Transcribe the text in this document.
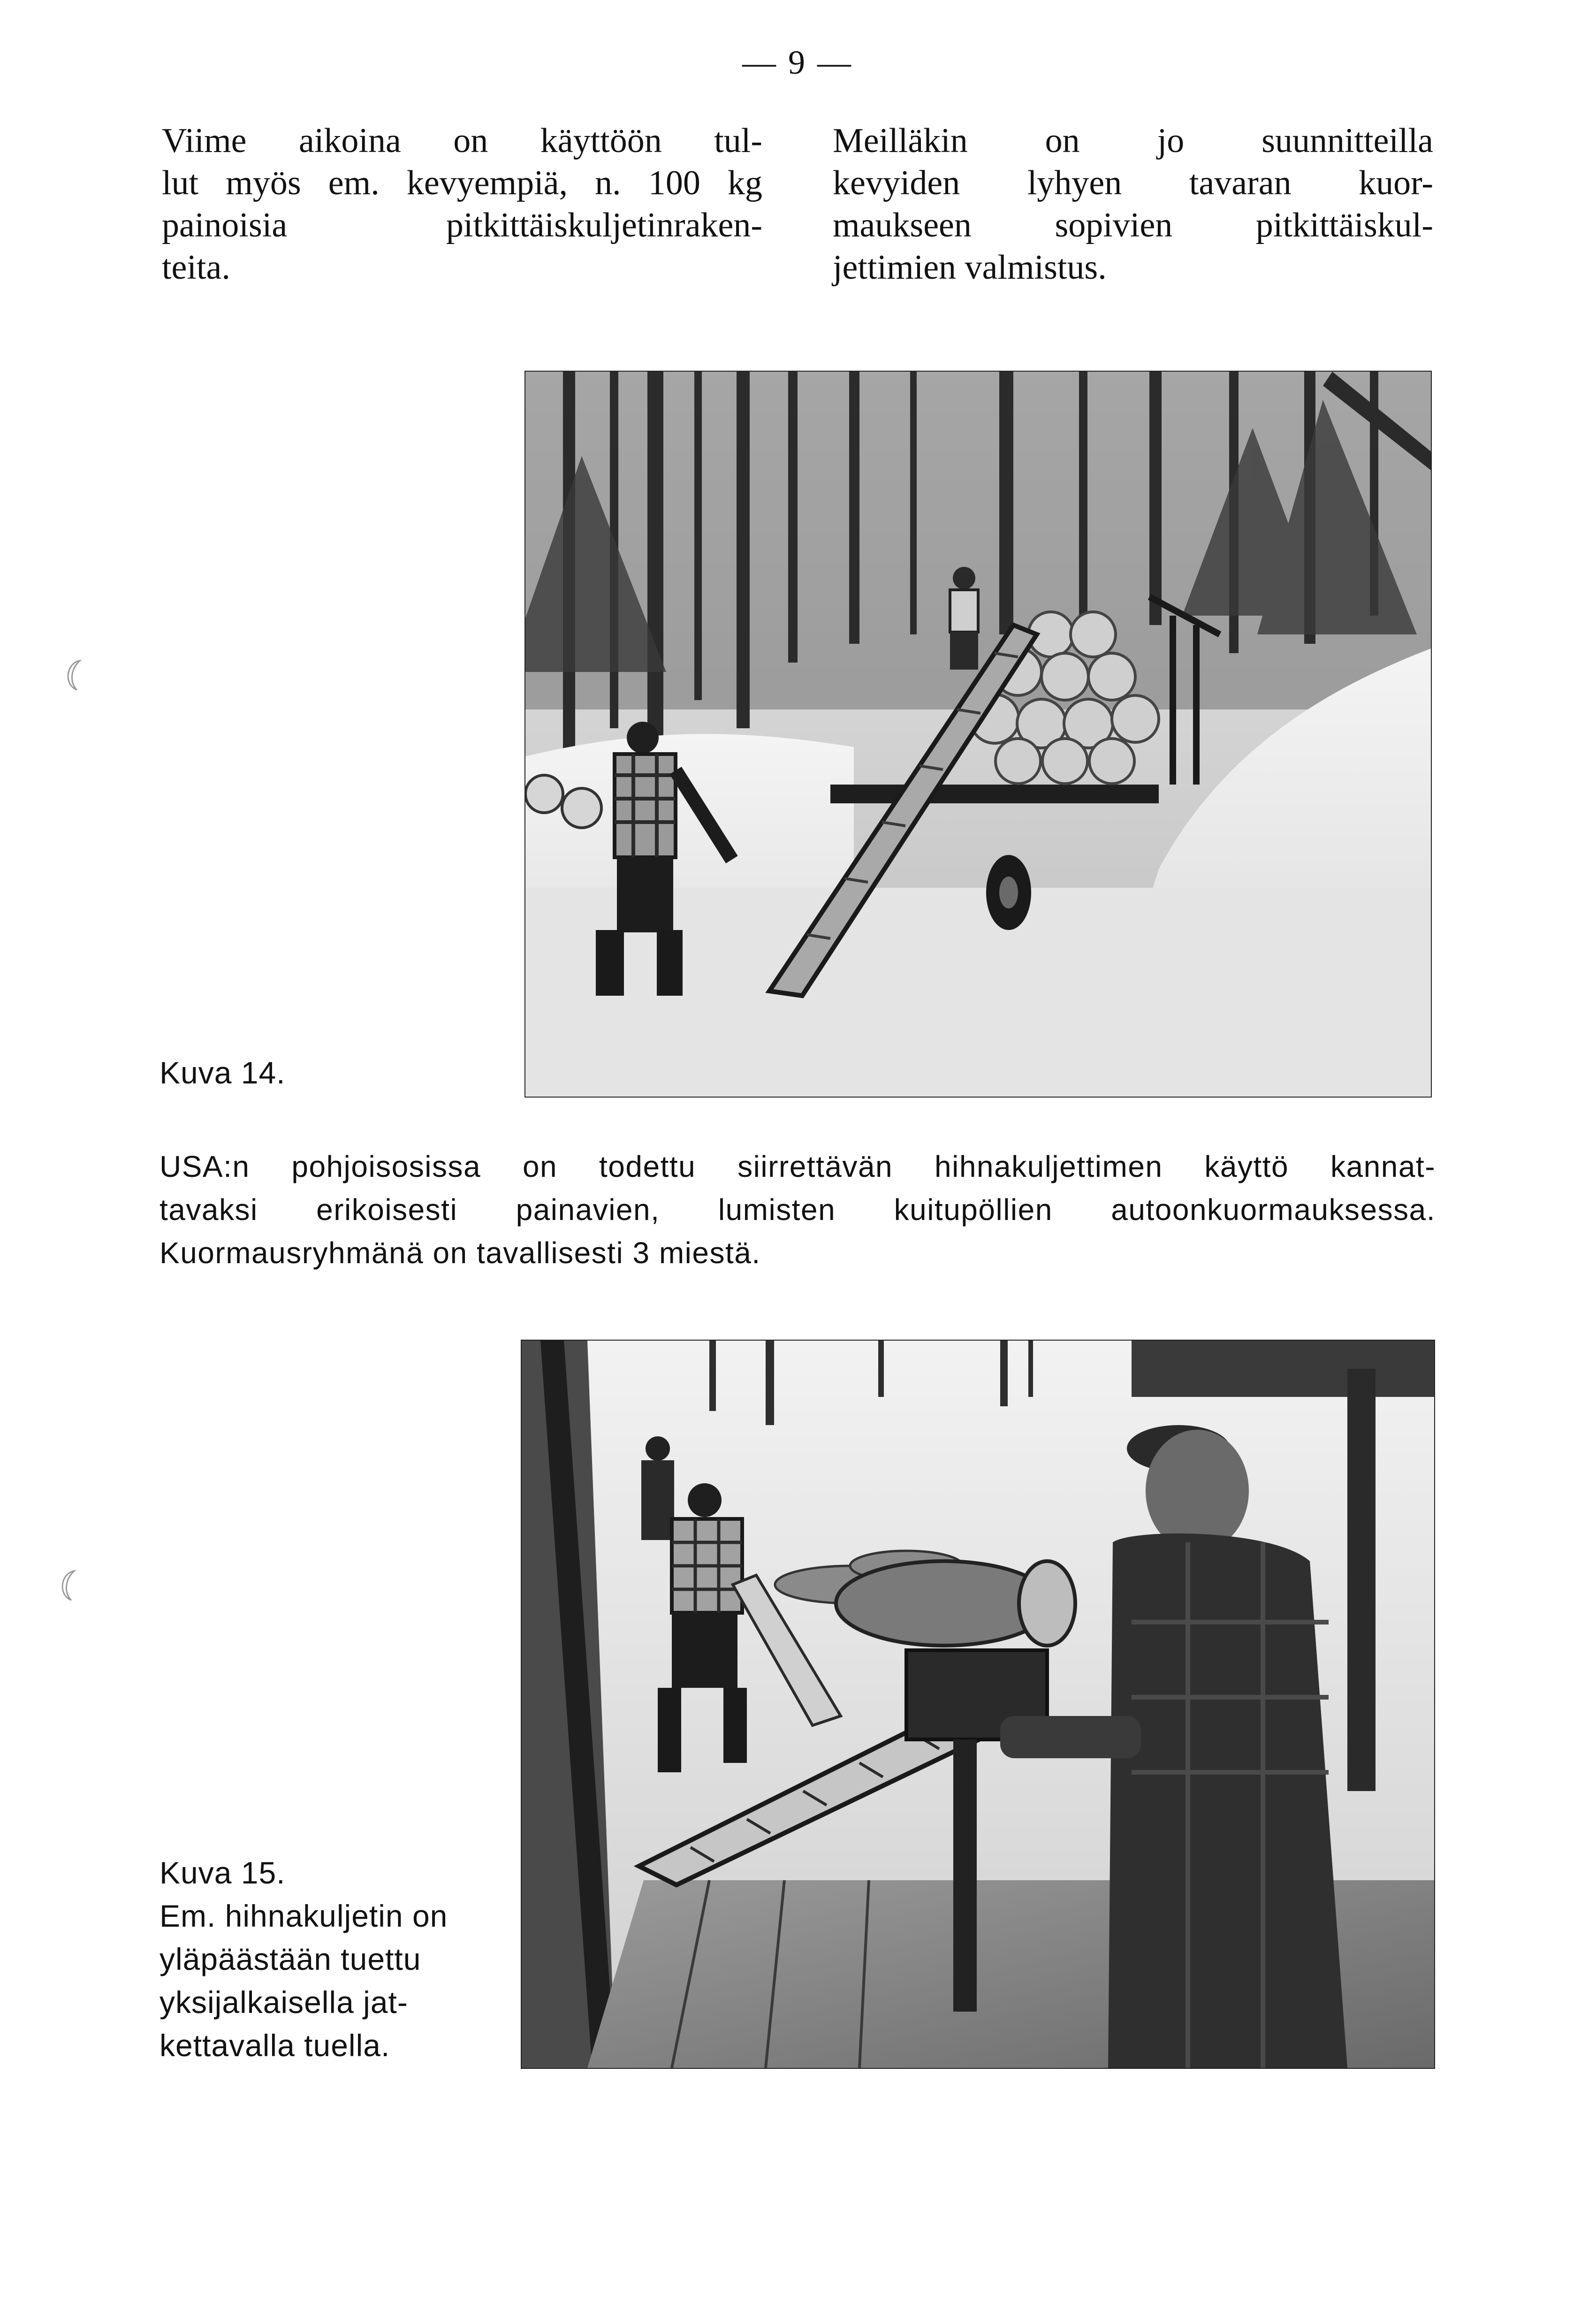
— 9 —
Viime aikoina on käyttöön tul-
lut myös em. kevyempiä, n. 100 kg
painoisia pitkittäiskuljetinraken-
teita.
Meilläkin on jo suunnitteilla
kevyiden lyhyen tavaran kuor-
maukseen sopivien pitkittäiskul-
jettimien valmistus.
Kuva 14.
USA:n pohjoisosissa on todettu siirrettävän hihnakuljettimen käyttö kannat-
tavaksi erikoisesti painavien, lumisten kuitupöllien autoonkuormauksessa.
Kuormausryhmänä on tavallisesti 3 miestä.
Kuva 15.
Em. hihnakuljetin on
yläpäästään tuettu
yksijalkaisella jat-
kettavalla tuella.
